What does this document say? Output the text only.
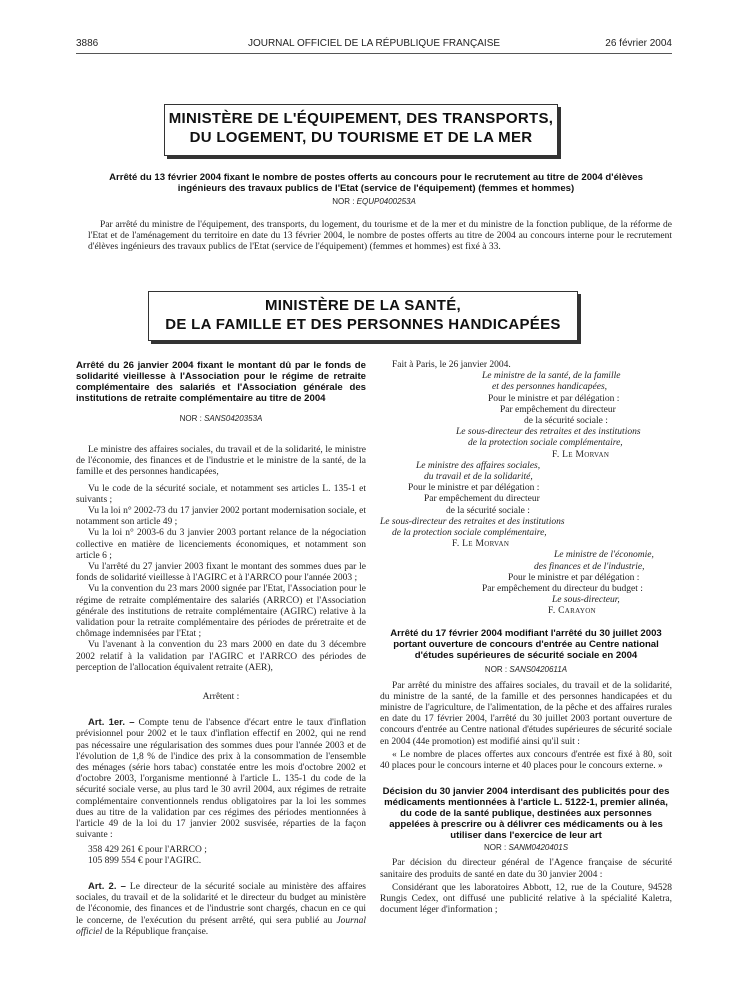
3886	JOURNAL OFFICIEL DE LA RÉPUBLIQUE FRANÇAISE	26 février 2004
MINISTÈRE DE L'ÉQUIPEMENT, DES TRANSPORTS,
DU LOGEMENT, DU TOURISME ET DE LA MER
Arrêté du 13 février 2004 fixant le nombre de postes offerts au concours pour le recrutement au titre de 2004 d'élèves ingénieurs des travaux publics de l'Etat (service de l'équipement) (femmes et hommes)
NOR : EQUP0400253A

Par arrêté du ministre de l'équipement, des transports, du logement, du tourisme et de la mer et du ministre de la fonction publique, de la réforme de l'Etat et de l'aménagement du territoire en date du 13 février 2004, le nombre de postes offerts au titre de 2004 au concours interne pour le recrutement d'élèves ingénieurs des travaux publics de l'Etat (service de l'équipement) (femmes et hommes) est fixé à 33.

MINISTÈRE DE LA SANTÉ,
DE LA FAMILLE ET DES PERSONNES HANDICAPÉES
Arrêté du 26 janvier 2004 fixant le montant dû par le fonds de solidarité vieillesse à l'Association pour le régime de retraite complémentaire des salariés et l'Association générale des institutions de retraite complémentaire au titre de 2004
NOR : SANS0420353A

Le ministre des affaires sociales, du travail et de la solidarité, le ministre de l'économie, des finances et de l'industrie et le ministre de la santé, de la famille et des personnes handicapées,

Vu le code de la sécurité sociale, et notamment ses articles L. 135-1 et suivants ;

Vu la loi n° 2002-73 du 17 janvier 2002 portant modernisation sociale, et notamment son article 49 ;

Vu la loi n° 2003-6 du 3 janvier 2003 portant relance de la négociation collective en matière de licenciements économiques, et notamment son article 6 ;

Vu l'arrêté du 27 janvier 2003 fixant le montant des sommes dues par le fonds de solidarité vieillesse à l'AGIRC et à l'ARRCO pour l'année 2003 ;

Vu la convention du 23 mars 2000 signée par l'Etat, l'Association pour le régime de retraite complémentaire des salariés (ARRCO) et l'Association générale des institutions de retraite complémentaire (AGIRC) relative à la validation pour la retraite complémentaire des périodes de préretraite et de chômage indemnisées par l'Etat ;

Vu l'avenant à la convention du 23 mars 2000 en date du 3 décembre 2002 relatif à la validation par l'AGIRC et l'ARRCO des périodes de perception de l'allocation équivalent retraite (AER),

Arrêtent :

Art. 1er. – Compte tenu de l'absence d'écart entre le taux d'inflation prévisionnel pour 2002 et le taux d'inflation effectif en 2002, qui ne rend pas nécessaire une régularisation des sommes dues pour l'année 2003 et de l'évolution de 1,8 % de l'indice des prix à la consommation de l'ensemble des ménages (série hors tabac) constatée entre les mois d'octobre 2002 et d'octobre 2003, l'organisme mentionné à l'article L. 135-1 du code de la sécurité sociale verse, au plus tard le 30 avril 2004, aux régimes de retraite complémentaire conventionnels rendus obligatoires par la loi les sommes dues au titre de la validation par ces régimes des périodes mentionnées à l'article 49 de la loi du 17 janvier 2002 susvisée, réparties de la façon suivante :

358 429 261 € pour l'ARRCO ;

105 899 554 € pour l'AGIRC.

Art. 2. – Le directeur de la sécurité sociale au ministère des affaires sociales, du travail et de la solidarité et le directeur du budget au ministère de l'économie, des finances et de l'industrie sont chargés, chacun en ce qui le concerne, de l'exécution du présent arrêté, qui sera publié au Journal officiel de la République française.

Fait à Paris, le 26 janvier 2004.
Le ministre de la santé, de la famille
et des personnes handicapées,
Pour le ministre et par délégation :
Par empêchement du directeur
de la sécurité sociale :
Le sous-directeur des retraites et des institutions
de la protection sociale complémentaire,
F. Le Morvan
Le ministre des affaires sociales,
du travail et de la solidarité,
Pour le ministre et par délégation :
Par empêchement du directeur
de la sécurité sociale :
Le sous-directeur des retraites et des institutions
de la protection sociale complémentaire,
F. Le Morvan
Le ministre de l'économie,
des finances et de l'industrie,
Pour le ministre et par délégation :
Par empêchement du directeur du budget :
Le sous-directeur,
F. Carayon
Arrêté du 17 février 2004 modifiant l'arrêté du 30 juillet 2003 portant ouverture de concours d'entrée au Centre national d'études supérieures de sécurité sociale en 2004
NOR : SANS0420611A

Par arrêté du ministre des affaires sociales, du travail et de la solidarité, du ministre de la santé, de la famille et des personnes handicapées et du ministre de l'agriculture, de l'alimentation, de la pêche et des affaires rurales en date du 17 février 2004, l'arrêté du 30 juillet 2003 portant ouverture de concours d'entrée au Centre national d'études supérieures de sécurité sociale en 2004 (44e promotion) est modifié ainsi qu'il suit :

« Le nombre de places offertes aux concours d'entrée est fixé à 80, soit 40 places pour le concours interne et 40 places pour le concours externe. »

Décision du 30 janvier 2004 interdisant des publicités pour des médicaments mentionnées à l'article L. 5122-1, premier alinéa, du code de la santé publique, destinées aux personnes appelées à prescrire ou à délivrer ces médicaments ou à les utiliser dans l'exercice de leur art
NOR : SANM0420401S

Par décision du directeur général de l'Agence française de sécurité sanitaire des produits de santé en date du 30 janvier 2004 :

Considérant que les laboratoires Abbott, 12, rue de la Couture, 94528 Rungis Cedex, ont diffusé une publicité relative à la spécialité Kaletra, document léger d'information ;
